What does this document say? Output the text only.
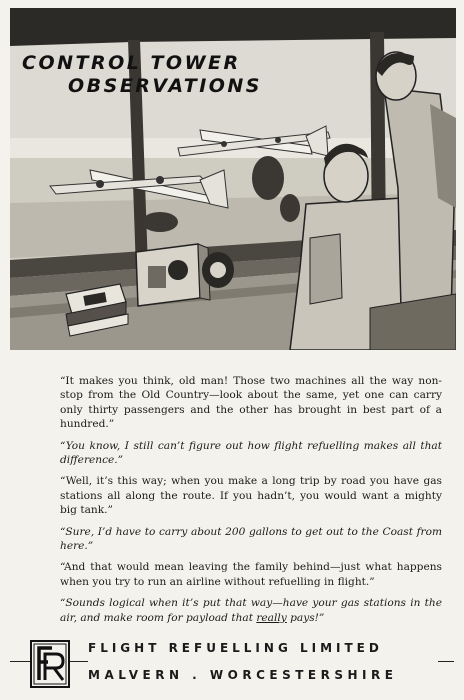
CONTROL TOWER
OBSERVATIONS

“It makes you think, old man! Those two machines all the way non-stop from the Old Country—look about the same, yet one can carry only thirty passengers and the other has brought in best part of a hundred.”

“You know, I still can’t figure out how flight refuelling makes all that difference.”

“Well, it’s this way; when you make a long trip by road you have gas stations all along the route. If you hadn’t, you would want a mighty big tank.”

“Sure, I’d have to carry about 200 gallons to get out to the Coast from here.”

“And that would mean leaving the family behind—just what happens when you try to run an airline without refuelling in flight.”

“Sounds logical when it’s put that way—have your gas stations in the air, and make room for payload that really pays!”

FLIGHT REFUELLING LIMITED
MALVERN . WORCESTERSHIRE
